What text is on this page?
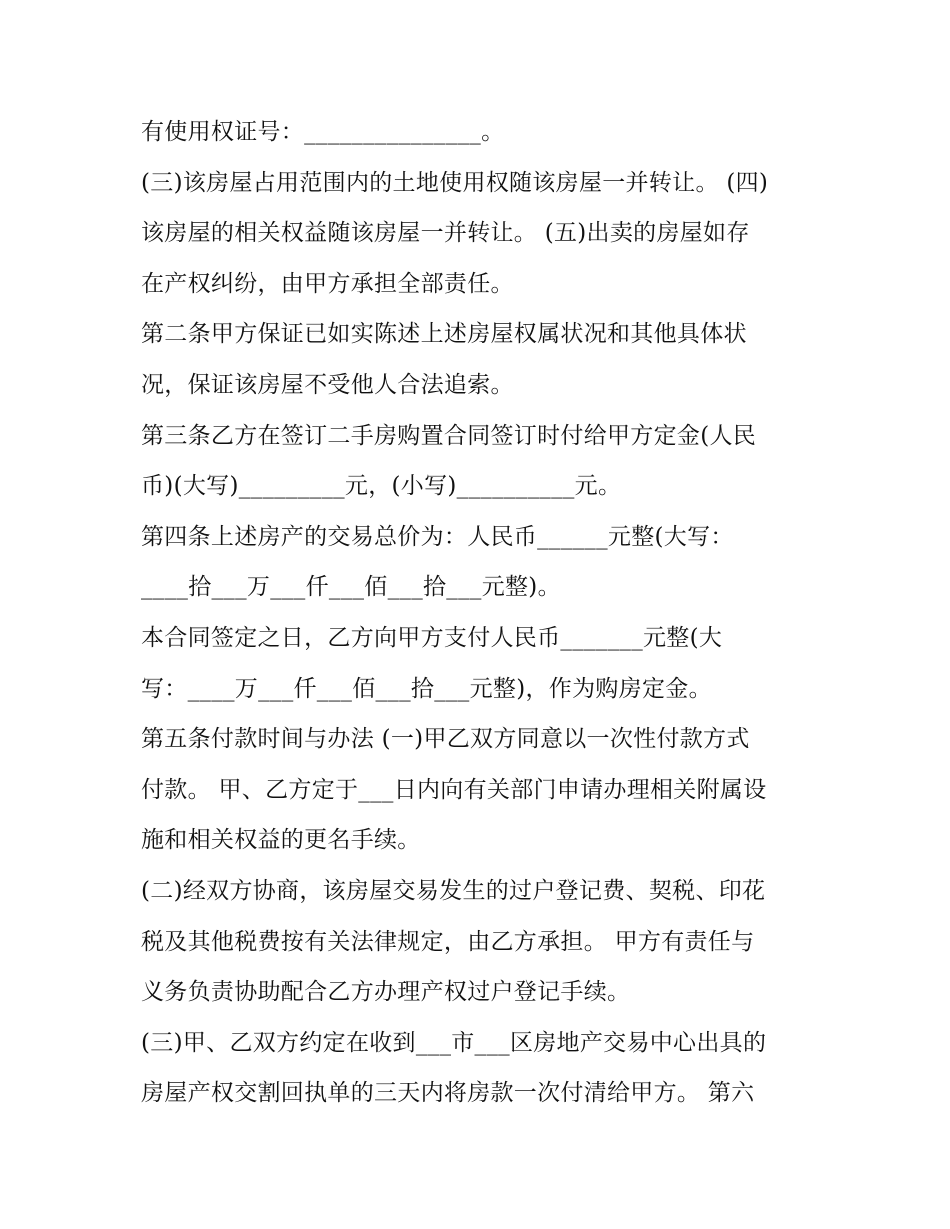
有使用权证号：_______________。
(三)该房屋占用范围内的土地使用权随该房屋一并转让。 (四)
该房屋的相关权益随该房屋一并转让。 (五)出卖的房屋如存
在产权纠纷，由甲方承担全部责任。
第二条甲方保证已如实陈述上述房屋权属状况和其他具体状
况，保证该房屋不受他人合法追索。
第三条乙方在签订二手房购置合同签订时付给甲方定金(人民
币)(大写)_________元，(小写)__________元。
第四条上述房产的交易总价为：人民币______元整(大写：
____拾___万___仟___佰___拾___元整)。
本合同签定之日，乙方向甲方支付人民币_______元整(大
写：____万___仟___佰___拾___元整)，作为购房定金。
第五条付款时间与办法 (一)甲乙双方同意以一次性付款方式
付款。 甲、乙方定于___日内向有关部门申请办理相关附属设
施和相关权益的更名手续。
(二)经双方协商，该房屋交易发生的过户登记费、契税、印花
税及其他税费按有关法律规定，由乙方承担。 甲方有责任与
义务负责协助配合乙方办理产权过户登记手续。
(三)甲、乙双方约定在收到___市___区房地产交易中心出具的
房屋产权交割回执单的三天内将房款一次付清给甲方。 第六
